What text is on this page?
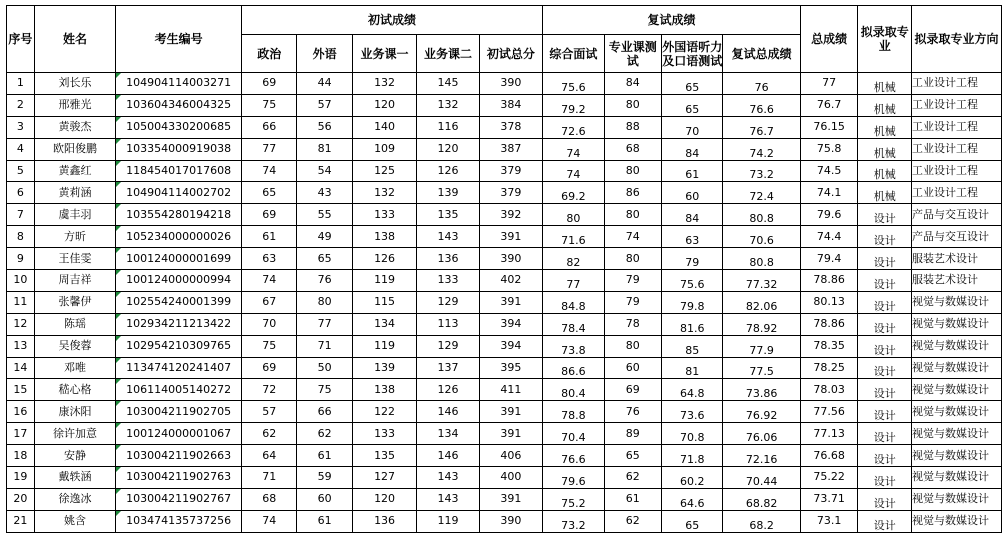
序号	姓名	考生编号	初试成绩					复试成绩				总成绩	拟录取专业	拟录取专业方向
			政治	外语	业务课一	业务课二	初试总分	综合面试	专业课测试	外国语听力及口语测试	复试总成绩			
1	刘长乐	104904114003271	69	44	132	145	390	75.6	84	65	76	77	机械	工业设计工程
2	邢雅光	103604346004325	75	57	120	132	384	79.2	80	65	76.6	76.7	机械	工业设计工程
3	黄骏杰	105004330200685	66	56	140	116	378	72.6	88	70	76.7	76.15	机械	工业设计工程
4	欧阳俊鹏	103354000919038	77	81	109	120	387	74	68	84	74.2	75.8	机械	工业设计工程
5	黄鑫红	118454017017608	74	54	125	126	379	74	80	61	73.2	74.5	机械	工业设计工程
6	黄莉涵	104904114002702	65	43	132	139	379	69.2	86	60	72.4	74.1	机械	工业设计工程
7	虞丰羽	103554280194218	69	55	133	135	392	80	80	84	80.8	79.6	设计	产品与交互设计
8	方昕	105234000000026	61	49	138	143	391	71.6	74	63	70.6	74.4	设计	产品与交互设计
9	王佳雯	100124000001699	63	65	126	136	390	82	80	79	80.8	79.4	设计	服装艺术设计
10	周吉祥	100124000000994	74	76	119	133	402	77	79	75.6	77.32	78.86	设计	服装艺术设计
11	张馨伊	102554240001399	67	80	115	129	391	84.8	79	79.8	82.06	80.13	设计	视觉与数媒设计
12	陈瑶	102934211213422	70	77	134	113	394	78.4	78	81.6	78.92	78.86	设计	视觉与数媒设计
13	吴俊蓉	102954210309765	75	71	119	129	394	73.8	80	85	77.9	78.35	设计	视觉与数媒设计
14	邓唯	113474120241407	69	50	139	137	395	86.6	60	81	77.5	78.25	设计	视觉与数媒设计
15	嵇心格	106114005140272	72	75	138	126	411	80.4	69	64.8	73.86	78.03	设计	视觉与数媒设计
16	康沐阳	103004211902705	57	66	122	146	391	78.8	76	73.6	76.92	77.56	设计	视觉与数媒设计
17	徐许加意	100124000001067	62	62	133	134	391	70.4	89	70.8	76.06	77.13	设计	视觉与数媒设计
18	安静	103004211902663	64	61	135	146	406	76.6	65	71.8	72.16	76.68	设计	视觉与数媒设计
19	戴轶涵	103004211902763	71	59	127	143	400	79.6	62	60.2	70.44	75.22	设计	视觉与数媒设计
20	徐逸冰	103004211902767	68	60	120	143	391	75.2	61	64.6	68.82	73.71	设计	视觉与数媒设计
21	姚含	103474135737256	74	61	136	119	390	73.2	62	65	68.2	73.1	设计	视觉与数媒设计
